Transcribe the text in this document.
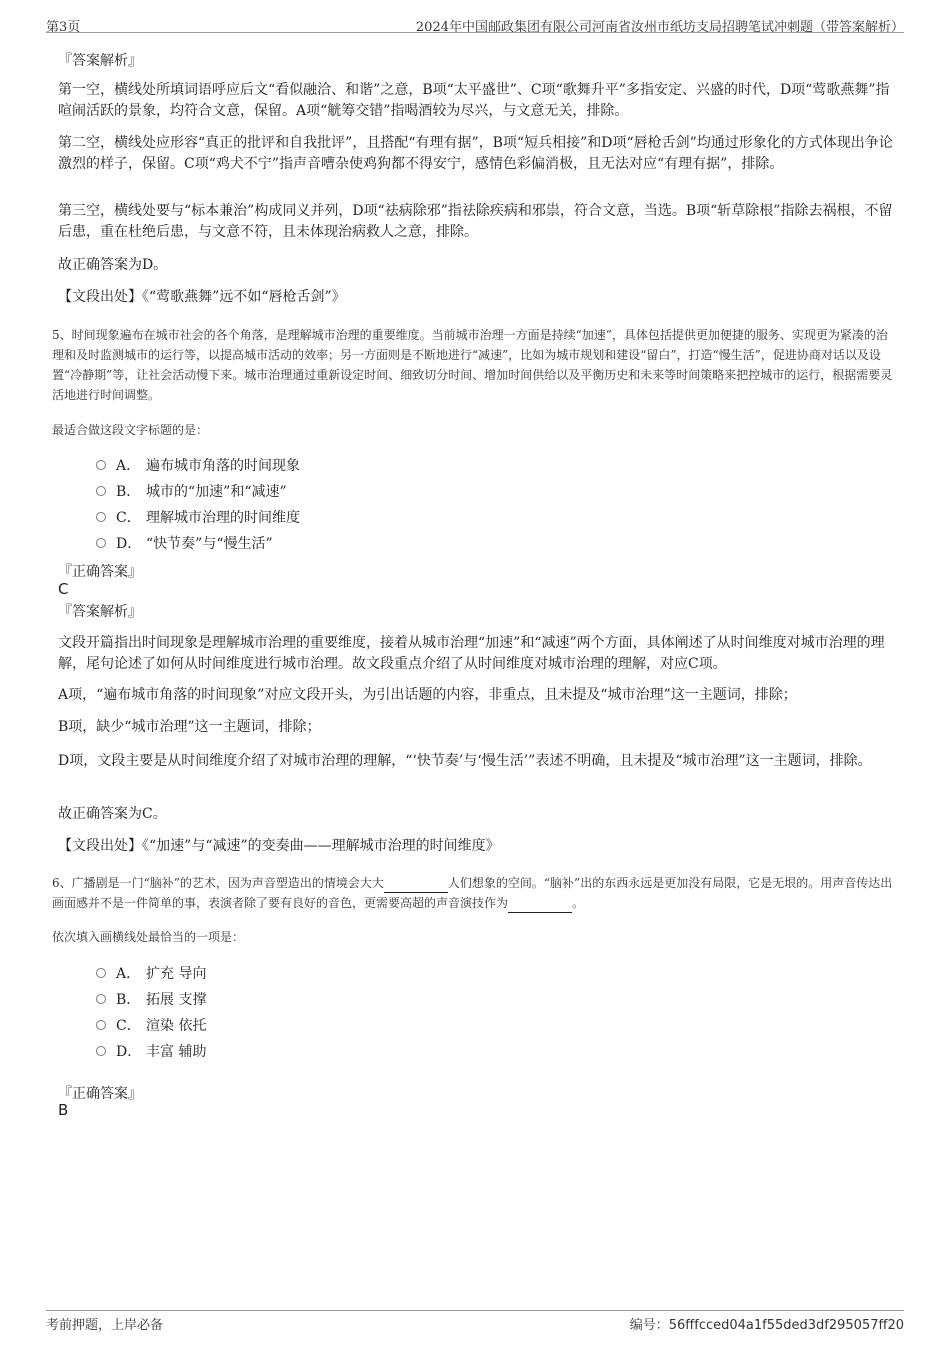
第3页	2024年中国邮政集团有限公司河南省汝州市纸坊支局招聘笔试冲刺题（带答案解析）
『答案解析』
第一空，横线处所填词语呼应后文“看似融洽、和谐”之意，B项“太平盛世”、C项“歌舞升平”多指安定、兴盛的时代，D项“莺歌燕舞”指喧闹活跃的景象，均符合文意，保留。A项“觥筹交错”指喝酒较为尽兴，与文意无关，排除。
第二空，横线处应形容“真正的批评和自我批评”，且搭配“有理有据”，B项“短兵相接”和D项“唇枪舌剑”均通过形象化的方式体现出争论激烈的样子，保留。C项“鸡犬不宁”指声音嘈杂使鸡狗都不得安宁，感情色彩偏消极，且无法对应“有理有据”，排除。
第三空，横线处要与“标本兼治”构成同义并列，D项“祛病除邪”指祛除疾病和邪祟，符合文意，当选。B项“斩草除根”指除去祸根，不留后患，重在杜绝后患，与文意不符，且未体现治病救人之意，排除。
故正确答案为D。
【文段出处】《“莺歌燕舞”远不如“唇枪舌剑”》
5、时间现象遍布在城市社会的各个角落，是理解城市治理的重要维度。当前城市治理一方面是持续“加速”，具体包括提供更加便捷的服务、实现更为紧凑的治理和及时监测城市的运行等，以提高城市活动的效率；另一方面则是不断地进行“减速”，比如为城市规划和建设“留白”，打造“慢生活”，促进协商对话以及设置“冷静期”等，让社会活动慢下来。城市治理通过重新设定时间、细致切分时间、增加时间供给以及平衡历史和未来等时间策略来把控城市的运行，根据需要灵活地进行时间调整。
最适合做这段文字标题的是：
A． 遍布城市角落的时间现象
B． 城市的“加速”和“减速”
C． 理解城市治理的时间维度
D． “快节奏”与“慢生活”
『正确答案』
C
『答案解析』
文段开篇指出时间现象是理解城市治理的重要维度，接着从城市治理“加速”和“减速”两个方面，具体阐述了从时间维度对城市治理的理解，尾句论述了如何从时间维度进行城市治理。故文段重点介绍了从时间维度对城市治理的理解，对应C项。
A项，“遍布城市角落的时间现象”对应文段开头，为引出话题的内容，非重点，且未提及“城市治理”这一主题词，排除；
B项，缺少“城市治理”这一主题词，排除；
D项，文段主要是从时间维度介绍了对城市治理的理解，“‘快节奏’与‘慢生活’”表述不明确，且未提及“城市治理”这一主题词，排除。
故正确答案为C。
【文段出处】《“加速”与“减速”的变奏曲——理解城市治理的时间维度》
6、广播剧是一门“脑补”的艺术，因为声音塑造出的情境会大大	人们想象的空间。“脑补”出的东西永远是更加没有局限，它是无垠的。用声音传达出画面感并不是一件简单的事，表演者除了要有良好的音色，更需要高超的声音演技作为	。
依次填入画横线处最恰当的一项是：
A． 扩充 导向
B． 拓展 支撑
C． 渲染 依托
D． 丰富 辅助
『正确答案』
B
考前押题，上岸必备	编号：56fffcced04a1f55ded3df295057ff20
